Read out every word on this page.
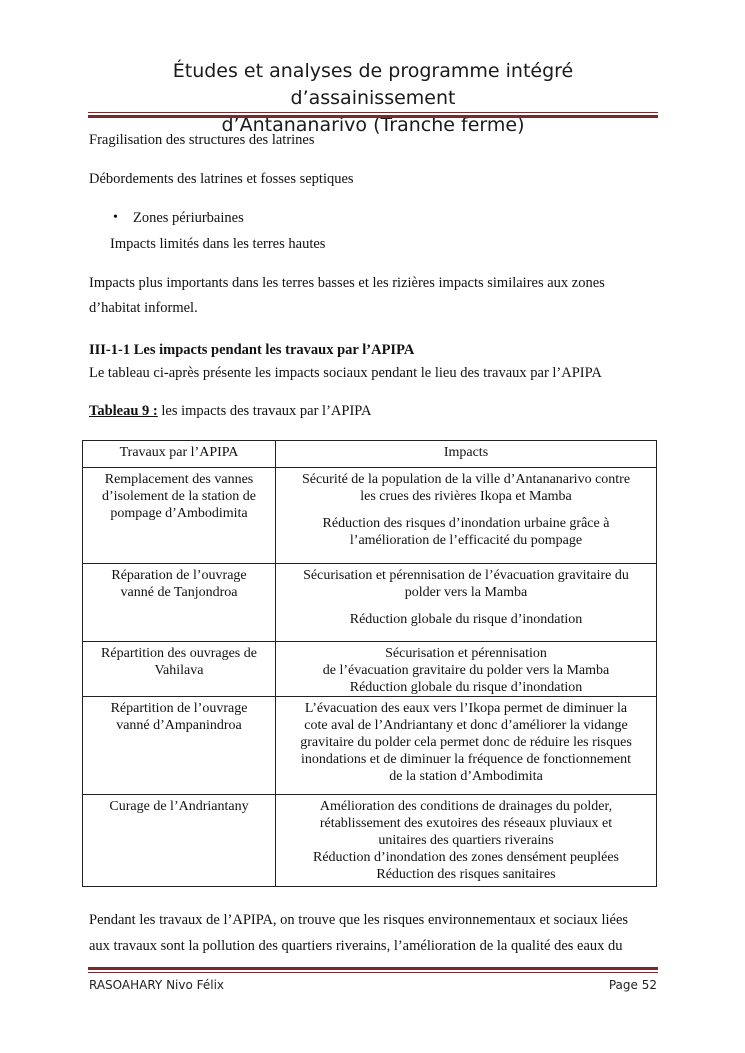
Études et analyses de programme intégré d’assainissement
d’Antananarivo (Tranche ferme)
Fragilisation des structures des latrines
Débordements des latrines et fosses septiques
• Zones périurbaines
Impacts limités dans les terres hautes
Impacts plus importants dans les terres basses et les rizières impacts similaires aux zones
d’habitat informel.
III-1-1 Les impacts pendant les travaux par l’APIPA
Le tableau ci-après présente les impacts sociaux pendant le lieu des travaux par l’APIPA
Tableau 9 : les impacts des travaux par l’APIPA
Travaux par l’APIPA	Impacts

Remplacement des vannes
d’isolement de la station de
pompage d’Ambodimita	Sécurité de la population de la ville d’Antananarivo contre
les crues des rivières Ikopa et Mamba
Réduction des risques d’inondation urbaine grâce à
l’amélioration de l’efficacité du pompage

Réparation de l’ouvrage
vanné de Tanjondroa	Sécurisation et pérennisation de l’évacuation gravitaire du
polder vers la Mamba
Réduction globale du risque d’inondation

Répartition des ouvrages de
Vahilava	Sécurisation et pérennisation
de l’évacuation gravitaire du polder vers la Mamba
Réduction globale du risque d’inondation

Répartition de l’ouvrage
vanné d’Ampanindroa	L’évacuation des eaux vers l’Ikopa permet de diminuer la
cote aval de l’Andriantany et donc d’améliorer la vidange
gravitaire du polder cela permet donc de réduire les risques
inondations et de diminuer la fréquence de fonctionnement
de la station d’Ambodimita

Curage de l’Andriantany	Amélioration des conditions de drainages du polder,
rétablissement des exutoires des réseaux pluviaux et
unitaires des quartiers riverains
Réduction d’inondation des zones densément peuplées
Réduction des risques sanitaires
Pendant les travaux de l’APIPA, on trouve que les risques environnementaux et sociaux liées
aux travaux sont la pollution des quartiers riverains, l’amélioration de la qualité des eaux du
RASOAHARY Nivo Félix	Page 52
